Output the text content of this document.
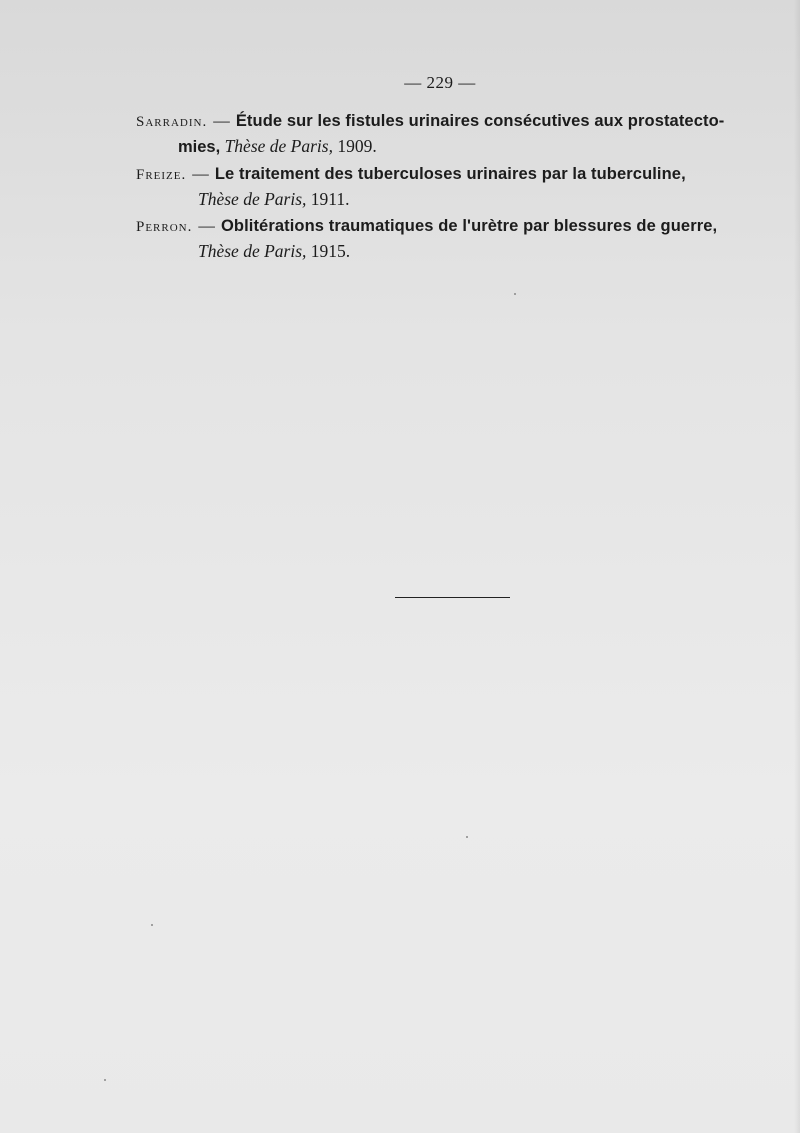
— 229 —
Sarradin. — Étude sur les fistules urinaires consécutives aux prostatecto-
mies, Thèse de Paris, 1909.
Freize. — Le traitement des tuberculoses urinaires par la tuberculine,
Thèse de Paris, 1911.
Perron. — Oblitérations traumatiques de l'urètre par blessures de guerre,
Thèse de Paris, 1915.
